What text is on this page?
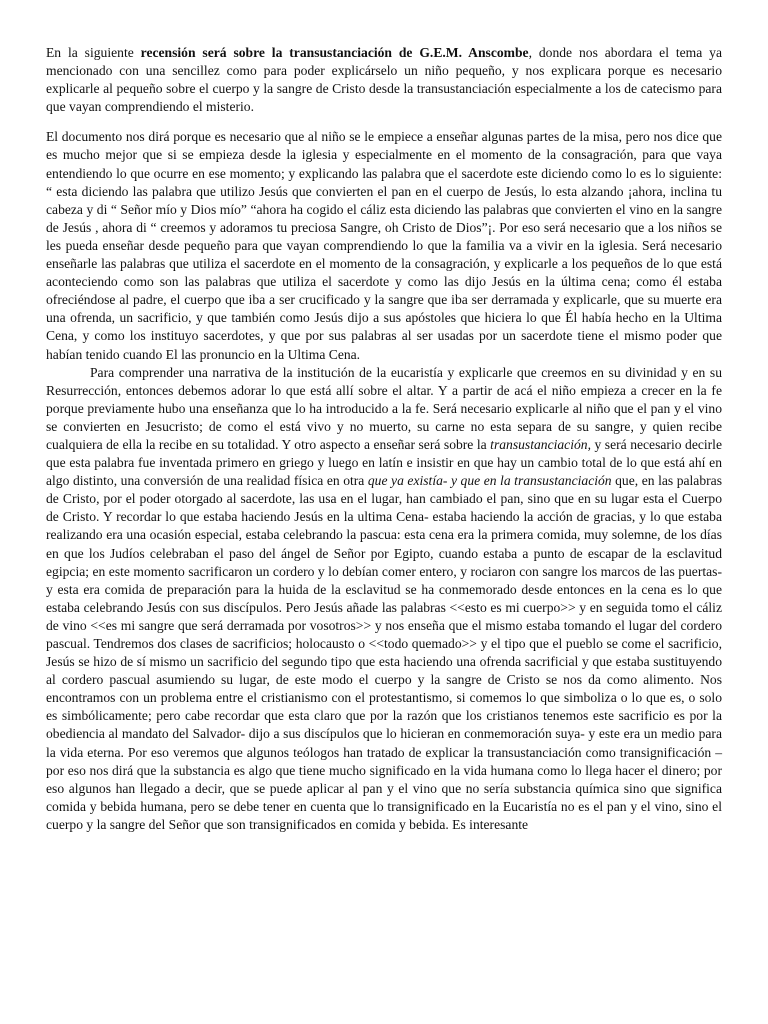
En la siguiente recensión será sobre la transustanciación de G.E.M. Anscombe, donde nos abordara el tema ya mencionado con una sencillez como para poder explicárselo un niño pequeño, y nos explicara porque es necesario explicarle al pequeño sobre el cuerpo y la sangre de Cristo desde la transustanciación especialmente a los de catecismo para que vayan comprendiendo el misterio.

El documento nos dirá porque es necesario que al niño se le empiece a enseñar algunas partes de la misa, pero nos dice que es mucho mejor que si se empieza desde la iglesia y especialmente en el momento de la consagración, para que vaya entendiendo lo que ocurre en ese momento; y explicando las palabra que el sacerdote este diciendo como lo es lo siguiente: “ esta diciendo las palabra que utilizo Jesús que convierten el pan en el cuerpo de Jesús, lo esta alzando ¡ahora, inclina tu cabeza y di “ Señor mío y Dios mío” “ahora ha cogido el cáliz esta diciendo las palabras que convierten el vino en la sangre de Jesús , ahora di “ creemos y adoramos tu preciosa Sangre, oh Cristo de Dios”¡. Por eso será necesario que a los niños se les pueda enseñar desde pequeño para que vayan comprendiendo lo que la familia va a vivir en la iglesia. Será necesario enseñarle las palabras que utiliza el sacerdote en el momento de la consagración, y explicarle a los pequeños de lo que está aconteciendo como son las palabras que utiliza el sacerdote y como las dijo Jesús en la última cena; como él estaba ofreciéndose al padre, el cuerpo que iba a ser crucificado y la sangre que iba ser derramada y explicarle, que su muerte era una ofrenda, un sacrificio, y que también como Jesús dijo a sus apóstoles que hiciera lo que Él había hecho en la Ultima Cena, y como los instituyo sacerdotes, y que por sus palabras al ser usadas por un sacerdote tiene el mismo poder que habían tenido cuando El las pronuncio en la Ultima Cena.

Para comprender una narrativa de la institución de la eucaristía y explicarle que creemos en su divinidad y en su Resurrección, entonces debemos adorar lo que está allí sobre el altar. Y a partir de acá el niño empieza a crecer en la fe porque previamente hubo una enseñanza que lo ha introducido a la fe. Será necesario explicarle al niño que el pan y el vino se convierten en Jesucristo; de como el está vivo y no muerto, su carne no esta separa de su sangre, y quien recibe cualquiera de ella la recibe en su totalidad. Y otro aspecto a enseñar será sobre la transustanciación, y será necesario decirle que esta palabra fue inventada primero en griego y luego en latín e insistir en que hay un cambio total de lo que está ahí en algo distinto, una conversión de una realidad física en otra que ya existía- y que en la transustanciación que, en las palabras de Cristo, por el poder otorgado al sacerdote, las usa en el lugar, han cambiado el pan, sino que en su lugar esta el Cuerpo de Cristo. Y recordar lo que estaba haciendo Jesús en la ultima Cena- estaba haciendo la acción de gracias, y lo que estaba realizando era una ocasión especial, estaba celebrando la pascua: esta cena era la primera comida, muy solemne, de los días en que los Judíos celebraban el paso del ángel de Señor por Egipto, cuando estaba a punto de escapar de la esclavitud egipcia; en este momento sacrificaron un cordero y lo debían comer entero, y rociaron con sangre los marcos de las puertas- y esta era comida de preparación para la huida de la esclavitud se ha conmemorado desde entonces en la cena es lo que estaba celebrando Jesús con sus discípulos. Pero Jesús añade las palabras <<esto es mi cuerpo>> y en seguida tomo el cáliz de vino <<es mi sangre que será derramada por vosotros>> y nos enseña que el mismo estaba tomando el lugar del cordero pascual. Tendremos dos clases de sacrificios; holocausto o <<todo quemado>> y el tipo que el pueblo se come el sacrificio, Jesús se hizo de sí mismo un sacrificio del segundo tipo que esta haciendo una ofrenda sacrificial y que estaba sustituyendo al cordero pascual asumiendo su lugar, de este modo el cuerpo y la sangre de Cristo se nos da como alimento. Nos encontramos con un problema entre el cristianismo con el protestantismo, si comemos lo que simboliza o lo que es, o solo es simbólicamente; pero cabe recordar que esta claro que por la razón que los cristianos tenemos este sacrificio es por la obediencia al mandato del Salvador- dijo a sus discípulos que lo hicieran en conmemoración suya- y este era un medio para la vida eterna. Por eso veremos que algunos teólogos han tratado de explicar la transustanciación como transignificación – por eso nos dirá que la substancia es algo que tiene mucho significado en la vida humana como lo llega hacer el dinero; por eso algunos han llegado a decir, que se puede aplicar al pan y el vino que no sería substancia química sino que significa comida y bebida humana, pero se debe tener en cuenta que lo transignificado en la Eucaristía no es el pan y el vino, sino el cuerpo y la sangre del Señor que son transignificados en comida y bebida. Es interesante
